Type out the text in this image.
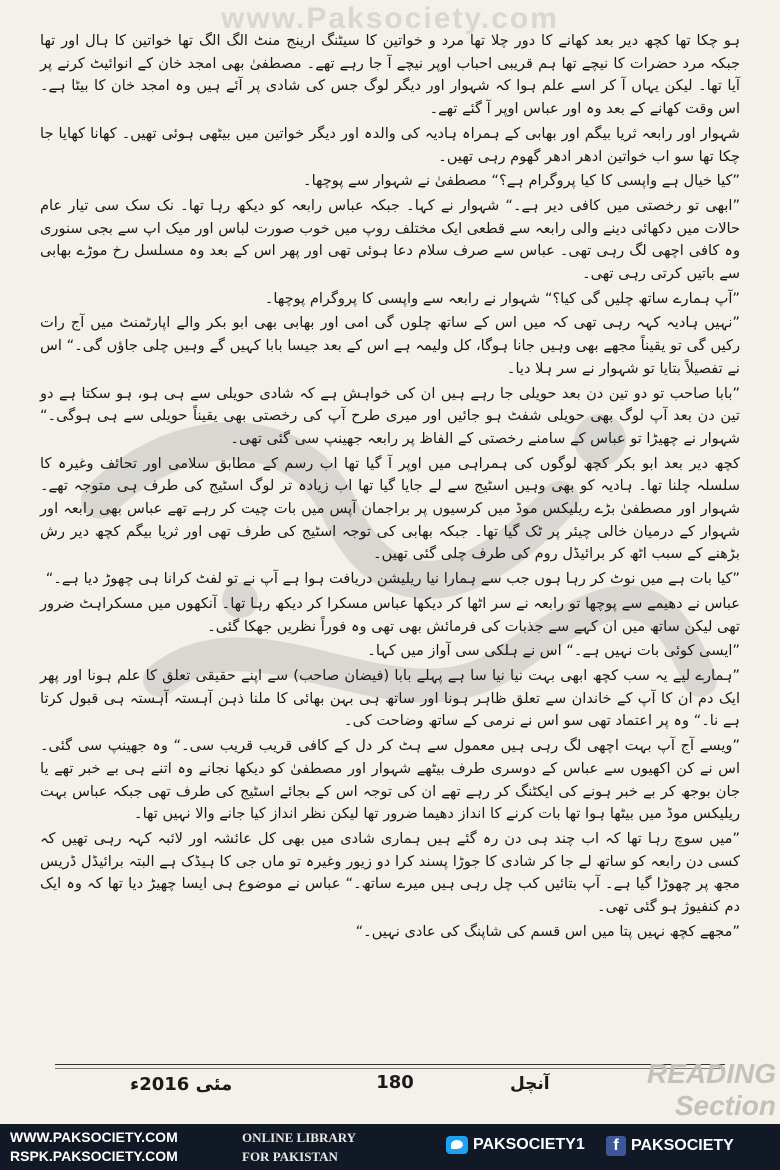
www.Paksociety.com

ہو چکا تھا کچھ دیر بعد کھانے کا دور چلا تھا مرد و خواتین کا سیٹنگ ارینج منٹ الگ الگ تھا خواتین کا ہال اور تھا جبکہ مرد حضرات کا نیچے تھا ہم قریبی احباب اوپر نیچے آ جا رہے تھے۔ مصطفیٰ بھی امجد خان کے انوائیٹ کرنے پر آیا تھا۔ لیکن یہاں آ کر اسے علم ہوا کہ شہوار اور دیگر لوگ جس کی شادی پر آئے ہیں وہ امجد خان کا بیٹا ہے۔ اس وقت کھانے کے بعد وہ اور عباس اوپر آ گئے تھے۔

شہوار اور رابعہ ثریا بیگم اور بھابی کے ہمراہ ہادیہ کی والدہ اور دیگر خواتین میں بیٹھی ہوئی تھیں۔ کھانا کھایا جا چکا تھا سو اب خواتین ادھر ادھر گھوم رہی تھیں۔

”کیا خیال ہے واپسی کا کیا پروگرام ہے؟“ مصطفیٰ نے شہوار سے پوچھا۔

”ابھی تو رخصتی میں کافی دیر ہے۔“ شہوار نے کہا۔ جبکہ عباس رابعہ کو دیکھ رہا تھا۔ نک سک سی تیار عام حالات میں دکھائی دینے والی رابعہ سے قطعی ایک مختلف روپ میں خوب صورت لباس اور میک اپ سے بجی سنوری وہ کافی اچھی لگ رہی تھی۔ عباس سے صرف سلام دعا ہوئی تھی اور پھر اس کے بعد وہ مسلسل رخ موڑے بھابی سے باتیں کرتی رہی تھی۔

”آپ ہمارے ساتھ چلیں گی کیا؟“ شہوار نے رابعہ سے واپسی کا پروگرام پوچھا۔

”نہیں ہادیہ کہہ رہی تھی کہ میں اس کے ساتھ چلوں گی امی اور بھابی بھی ابو بکر والے اپارٹمنٹ میں آج رات رکیں گی تو یقیناً مجھے بھی وہیں جانا ہوگا، کل ولیمہ ہے اس کے بعد جیسا بابا کہیں گے وہیں چلی جاؤں گی۔“ اس نے تفصیلاً بتایا تو شہوار نے سر ہلا دیا۔

”بابا صاحب تو دو تین دن بعد حویلی جا رہے ہیں ان کی خواہش ہے کہ شادی حویلی سے ہی ہو، ہو سکتا ہے دو تین دن بعد آپ لوگ بھی حویلی شفٹ ہو جائیں اور میری طرح آپ کی رخصتی بھی یقیناً حویلی سے ہی ہوگی۔“ شہوار نے چھیڑا تو عباس کے سامنے رخصتی کے الفاظ پر رابعہ جھینپ سی گئی تھی۔

کچھ دیر بعد ابو بکر کچھ لوگوں کی ہمراہی میں اوپر آ گیا تھا اب رسم کے مطابق سلامی اور تحائف وغیرہ کا سلسلہ چلنا تھا۔ ہادیہ کو بھی وہیں اسٹیج سے لے جایا گیا تھا اب زیادہ تر لوگ اسٹیج کی طرف ہی متوجہ تھے۔ شہوار اور مصطفیٰ بڑے ریلیکس موڈ میں کرسیوں پر براجمان آپس میں بات چیت کر رہے تھے عباس بھی رابعہ اور شہوار کے درمیان خالی چیئر پر ٹک گیا تھا۔ جبکہ بھابی کی توجہ اسٹیج کی طرف تھی اور ثریا بیگم کچھ دیر رش بڑھنے کے سبب اٹھ کر برائیڈل روم کی طرف چلی گئی تھیں۔

”کیا بات ہے میں نوٹ کر رہا ہوں جب سے ہمارا نیا ریلیشن دریافت ہوا ہے آپ نے تو لفٹ کرانا ہی چھوڑ دیا ہے۔“

عباس نے دھیمے سے پوچھا تو رابعہ نے سر اٹھا کر دیکھا عباس مسکرا کر دیکھ رہا تھا۔ آنکھوں میں مسکراہٹ ضرور تھی لیکن ساتھ میں ان کہے سے جذبات کی فرمائش بھی تھی وہ فوراً نظریں جھکا گئی۔

”ایسی کوئی بات نہیں ہے۔“ اس نے ہلکی سی آواز میں کہا۔

”ہمارے لیے یہ سب کچھ ابھی بہت نیا نیا سا ہے پہلے بابا (فیضان صاحب) سے اپنے حقیقی تعلق کا علم ہونا اور پھر ایک دم ان کا آپ کے خاندان سے تعلق ظاہر ہونا اور ساتھ ہی بہن بھائی کا ملنا ذہن آہستہ آہستہ ہی قبول کرتا ہے نا۔“ وہ پر اعتماد تھی سو اس نے نرمی کے ساتھ وضاحت کی۔

”ویسے آج آپ بہت اچھی لگ رہی ہیں معمول سے ہٹ کر دل کے کافی قریب قریب سی۔“ وہ جھینپ سی گئی۔ اس نے کن اکھیوں سے عباس کے دوسری طرف بیٹھے شہوار اور مصطفیٰ کو دیکھا نجانے وہ اتنے ہی بے خبر تھے یا جان بوجھ کر بے خبر ہونے کی ایکٹنگ کر رہے تھے ان کی توجہ اس کے بجائے اسٹیج کی طرف تھی جبکہ عباس بہت ریلیکس موڈ میں بیٹھا ہوا تھا بات کرنے کا انداز دھیما ضرور تھا لیکن نظر انداز کیا جانے والا نہیں تھا۔

”میں سوچ رہا تھا کہ اب چند ہی دن رہ گئے ہیں ہماری شادی میں بھی کل عائشہ اور لائبہ کہہ رہی تھیں کہ کسی دن رابعہ کو ساتھ لے جا کر شادی کا جوڑا پسند کرا دو زیور وغیرہ تو ماں جی کا ہیڈک ہے البتہ برائیڈل ڈریس مجھ پر چھوڑا گیا ہے۔ آپ بتائیں کب چل رہی ہیں میرے ساتھ۔“ عباس نے موضوع ہی ایسا چھیڑ دیا تھا کہ وہ ایک دم کنفیوژ ہو گئی تھی۔

”مجھے کچھ نہیں پتا میں اس قسم کی شاپنگ کی عادی نہیں۔“

مئی 2016ء	180	آنچل	READING
Section
WWW.PAKSOCIETY.COM
RSPK.PAKSOCIETY.COM
ONLINE LIBRARY
FOR PAKISTAN
PAKSOCIETY1	f PAKSOCIETY
